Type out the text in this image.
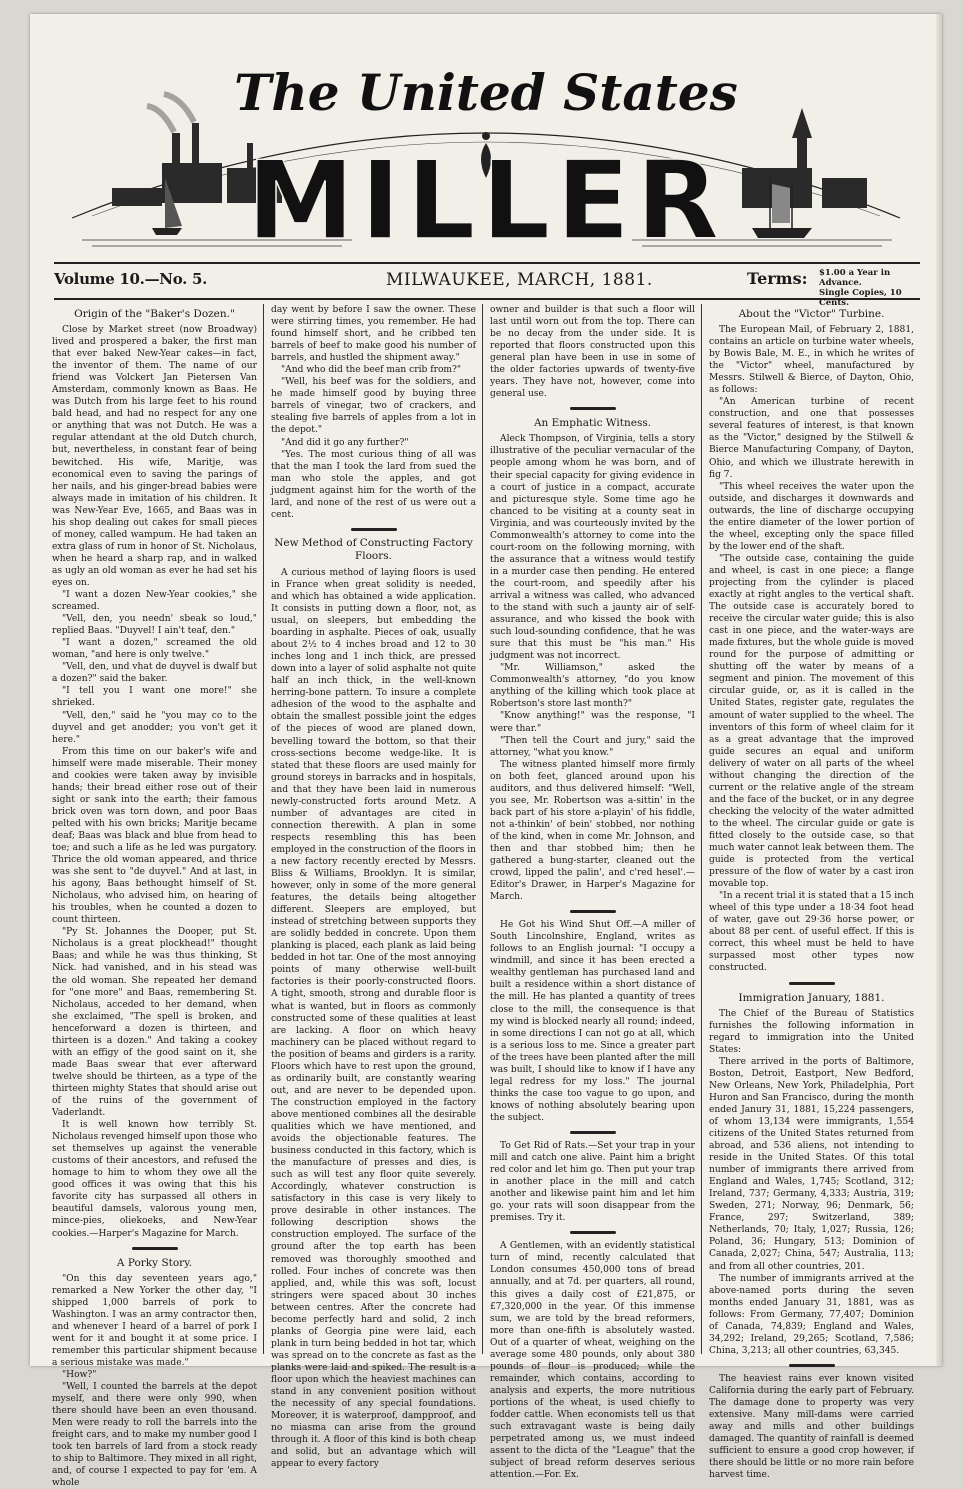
The United States
MILLER
Volume 10.—No. 5.	MILWAUKEE, MARCH, 1881.	Terms: $1.00 a Year in Advance.
Single Copies, 10 Cents.
Origin of the "Baker's Dozen."

Close by Market street (now Broadway) lived and prospered a baker, the first man that ever baked New-Year cakes—in fact, the inventor of them. The name of our friend was Volckert Jan Pietersen Van Amsterdam, commonly known as Baas. He was Dutch from his large feet to his round bald head, and had no respect for any one or anything that was not Dutch. He was a regular attendant at the old Dutch church, but, nevertheless, in constant fear of being bewitched. His wife, Maritje, was economical even to saving the parings of her nails, and his ginger-bread babies were always made in imitation of his children. It was New-Year Eve, 1665, and Baas was in his shop dealing out cakes for small pieces of money, called wampum. He had taken an extra glass of rum in honor of St. Nicholaus, when he heard a sharp rap, and in walked as ugly an old woman as ever he had set his eyes on.

"I want a dozen New-Year cookies," she screamed.

"Vell, den, you needn' sbeak so loud," replied Baas. "Duyvel! I ain't teaf, den."

"I want a dozen," screamed the old woman, "and here is only twelve."

"Vell, den, und vhat de duyvel is dwalf but a dozen?" said the baker.

"I tell you I want one more!" she shrieked.

"Vell, den," said he "you may co to the duyvel and get anodder; you von't get it here."

From this time on our baker's wife and himself were made miserable. Their money and cookies were taken away by invisible hands; their bread either rose out of their sight or sank into the earth; their famous brick oven was torn down, and poor Baas pelted with his own bricks; Maritje became deaf; Baas was black and blue from head to toe; and such a life as he led was purgatory. Thrice the old woman appeared, and thrice was she sent to "de duyvel." And at last, in his agony, Baas bethought himself of St. Nicholaus, who advised him, on hearing of his troubles, when he counted a dozen to count thirteen.

"Py St. Johannes the Dooper, put St. Nicholaus is a great plockhead!" thought Baas; and while he was thus thinking, St Nick. had vanished, and in his stead was the old woman. She repeated her demand for "one more" and Baas, remembering St. Nicholaus, acceded to her demand, when she exclaimed, "The spell is broken, and henceforward a dozen is thirteen, and thirteen is a dozen." And taking a cookey with an effigy of the good saint on it, she made Baas swear that ever afterward twelve should be thirteen, as a type of the thirteen mighty States that should arise out of the ruins of the government of Vaderlandt.

It is well known how terribly St. Nicholaus revenged himself upon those who set themselves up against the venerable customs of their ancestors, and refused the homage to him to whom they owe all the good offices it was owing that this his favorite city has surpassed all others in beautiful damsels, valorous young men, mince-pies, oliekoeks, and New-Year cookies.—Harper's Magazine for March.

A Porky Story.

"On this day seventeen years ago," remarked a New Yorker the other day, "I shipped 1,000 barrels of pork to Washington. I was an army contractor then, and whenever I heard of a barrel of pork I went for it and bought it at some price. I remember this particular shipment because a serious mistake was made."

"How?"

"Well, I counted the barrels at the depot myself, and there were only 990, when there should have been an even thousand. Men were ready to roll the barrels into the freight cars, and to make my number good I took ten barrels of lard from a stock ready to ship to Baltimore. They mixed in all right, and, of course I expected to pay for 'em. A whole

day went by before I saw the owner. These were stirring times, you remember. He had found himself short, and he cribbed ten barrels of beef to make good his number of barrels, and hustled the shipment away."

"And who did the beef man crib from?"

"Well, his beef was for the soldiers, and he made himself good by buying three barrels of vinegar, two of crackers, and stealing five barrels of apples from a lot in the depot."

"And did it go any further?"

"Yes. The most curious thing of all was that the man I took the lard from sued the man who stole the apples, and got judgment against him for the worth of the lard, and none of the rest of us were out a cent.

New Method of Constructing Factory Floors.

A curious method of laying floors is used in France when great solidity is needed, and which has obtained a wide application. It consists in putting down a floor, not, as usual, on sleepers, but embedding the boarding in asphalte. Pieces of oak, usually about 2½ to 4 inches broad and 12 to 30 inches long and 1 inch thick, are pressed down into a layer of solid asphalte not quite half an inch thick, in the well-known herring-bone pattern. To insure a complete adhesion of the wood to the asphalte and obtain the smallest possible joint the edges of the pieces of wood are planed down, bevelling toward the bottom, so that their cross-sections become wedge-like. It is stated that these floors are used mainly for ground storeys in barracks and in hospitals, and that they have been laid in numerous newly-constructed forts around Metz. A number of advantages are cited in connection therewith. A plan in some respects resembling this has been employed in the construction of the floors in a new factory recently erected by Messrs. Bliss & Williams, Brooklyn. It is similar, however, only in some of the more general features, the details being altogether different. Sleepers are employed, but instead of stretching between supports they are solidly bedded in concrete. Upon them planking is placed, each plank as laid being bedded in hot tar. One of the most annoying points of many otherwise well-built factories is their poorly-constructed floors. A tight, smooth, strong and durable floor is what is wanted, but in floors as commonly constructed some of these qualities at least are lacking. A floor on which heavy machinery can be placed without regard to the position of beams and girders is a rarity. Floors which have to rest upon the ground, as ordinarily built, are constantly wearing out, and are never to be depended upon. The construction employed in the factory above mentioned combines all the desirable qualities which we have mentioned, and avoids the objectionable features. The business conducted in this factory, which is the manufacture of presses and dies, is such as will test any floor quite severely. Accordingly, whatever construction is satisfactory in this case is very likely to prove desirable in other instances. The following description shows the construction employed. The surface of the ground after the top earth has been removed was thoroughly smoothed and rolled. Four inches of concrete was then applied, and, while this was soft, locust stringers were spaced about 30 inches between centres. After the concrete had become perfectly hard and solid, 2 inch planks of Georgia pine were laid, each plank in turn being bedded in hot tar, which was spread on to the concrete as fast as the planks were laid and spiked. The result is a floor upon which the heaviest machines can stand in any convenient position without the necessity of any special foundations. Moreover, it is waterproof, dampproof, and no miasma can arise from the ground through it. A floor of this kind is both cheap and solid, but an advantage which will appear to every factory

owner and builder is that such a floor will last until worn out from the top. There can be no decay from the under side. It is reported that floors constructed upon this general plan have been in use in some of the older factories upwards of twenty-five years. They have not, however, come into general use.

An Emphatic Witness.

Aleck Thompson, of Virginia, tells a story illustrative of the peculiar vernacular of the people among whom he was born, and of their special capacity for giving evidence in a court of justice in a compact, accurate and picturesque style. Some time ago he chanced to be visiting at a county seat in Virginia, and was courteously invited by the Commonwealth's attorney to come into the court-room on the following morning, with the assurance that a witness would testify in a murder case then pending. He entered the court-room, and speedily after his arrival a witness was called, who advanced to the stand with such a jaunty air of self-assurance, and who kissed the book with such loud-sounding confidence, that he was sure that this must be "his man." His judgment was not incorrect.

"Mr. Williamson," asked the Commonwealth's attorney, "do you know anything of the killing which took place at Robertson's store last month?"

"Know anything!" was the response, "I were thar."

"Then tell the Court and jury," said the attorney, "what you know."

The witness planted himself more firmly on both feet, glanced around upon his auditors, and thus delivered himself: "Well, you see, Mr. Robertson was a-sittin' in the back part of his store a-playin' of his fiddle, not a-thinkin' of bein' stobbed, nor nothing of the kind, when in come Mr. Johnson, and then and thar stobbed him; then he gathered a bung-starter, cleaned out the crowd, lipped the palin', and c'red hesel'.—Editor's Drawer, in Harper's Magazine for March.

He Got his Wind Shut Off.—A miller of South Lincolnshire, England, writes as follows to an English journal: "I occupy a windmill, and since it has been erected a wealthy gentleman has purchased land and built a residence within a short distance of the mill. He has planted a quantity of trees close to the mill, the consequence is that my wind is blocked nearly all round; indeed, in some directions I can not go at all, which is a serious loss to me. Since a greater part of the trees have been planted after the mill was built, I should like to know if I have any legal redress for my loss." The journal thinks the case too vague to go upon, and knows of nothing absolutely bearing upon the subject.

To Get Rid of Rats.—Set your trap in your mill and catch one alive. Paint him a bright red color and let him go. Then put your trap in another place in the mill and catch another and likewise paint him and let him go. your rats will soon disappear from the premises. Try it.

A Gentlemen, with an evidently statistical turn of mind, recently calculated that London consumes 450,000 tons of bread annually, and at 7d. per quarters, all round, this gives a daily cost of £21,875, or £7,320,000 in the year. Of this immense sum, we are told by the bread reformers, more than one-fifth is absolutely wasted. Out of a quarter of wheat, weighing on the average some 480 pounds, only about 380 pounds of flour is produced; while the remainder, which contains, according to analysis and experts, the more nutritious portions of the wheat, is used chiefly to fodder cattle. When economists tell us that such extravagant waste is being daily perpetrated among us, we must indeed assent to the dicta of the "League" that the subject of bread reform deserves serious attention.—For. Ex.

About the "Victor" Turbine.

The European Mail, of February 2, 1881, contains an article on turbine water wheels, by Bowis Bale, M. E., in which he writes of the "Victor" wheel, manufactured by Messrs. Stilwell & Bierce, of Dayton, Ohio, as follows:

"An American turbine of recent construction, and one that possesses several features of interest, is that known as the "Victor," designed by the Stilwell & Bierce Manufacturing Company, of Dayton, Ohio, and which we illustrate herewith in fig 7.

"This wheel receives the water upon the outside, and discharges it downwards and outwards, the line of discharge occupying the entire diameter of the lower portion of the wheel, excepting only the space filled by the lower end of the shaft.

"The outside case, containing the guide and wheel, is cast in one piece; a flange projecting from the cylinder is placed exactly at right angles to the vertical shaft. The outside case is accurately bored to receive the circular water guide; this is also cast in one piece, and the water-ways are made fixtures, but the whole guide is moved round for the purpose of admitting or shutting off the water by means of a segment and pinion. The movement of this circular guide, or, as it is called in the United States, register gate, regulates the amount of water supplied to the wheel. The inventors of this form of wheel claim for it as a great advantage that the improved guide secures an equal and uniform delivery of water on all parts of the wheel without changing the direction of the current or the relative angle of the stream and the face of the bucket, or in any degree checking the velocity of the water admitted to the wheel. The circular guide or gate is fitted closely to the outside case, so that much water cannot leak between them. The guide is protected from the vertical pressure of the flow of water by a cast iron movable top.

"In a recent trial it is stated that a 15 inch wheel of this type under a 18·34 foot head of water, gave out 29·36 horse power, or about 88 per cent. of useful effect. If this is correct, this wheel must be held to have surpassed most other types now constructed.

Immigration January, 1881.

The Chief of the Bureau of Statistics furnishes the following information in regard to immigration into the United States:

There arrived in the ports of Baltimore, Boston, Detroit, Eastport, New Bedford, New Orleans, New York, Philadelphia, Port Huron and San Francisco, during the month ended Janury 31, 1881, 15,224 passengers, of whom 13,134 were immigrants, 1,554 citizens of the United States returned from abroad, and 536 aliens, not intending to reside in the United States. Of this total number of immigrants there arrived from England and Wales, 1,745; Scotland, 312; Ireland, 737; Germany, 4,333; Austria, 319; Sweden, 271; Norway, 96; Denmark, 56; France, 297; Switzerland, 389; Netherlands, 70; Italy, 1,027; Russia, 126; Poland, 36; Hungary, 513; Dominion of Canada, 2,027; China, 547; Australia, 113; and from all other countries, 201.

The number of immigrants arrived at the above-named ports during the seven months ended January 31, 1881, was as follows: From Germany, 77,407; Dominion of Canada, 74,839; England and Wales, 34,292; Ireland, 29,265; Scotland, 7,586; China, 3,213; all other countries, 63,345.

The heaviest rains ever known visited California during the early part of February. The damage done to property was very extensive. Many mill-dams were carried away and mills and other buildings damaged. The quantity of rainfall is deemed sufficient to ensure a good crop however, if there should be little or no more rain before harvest time.
